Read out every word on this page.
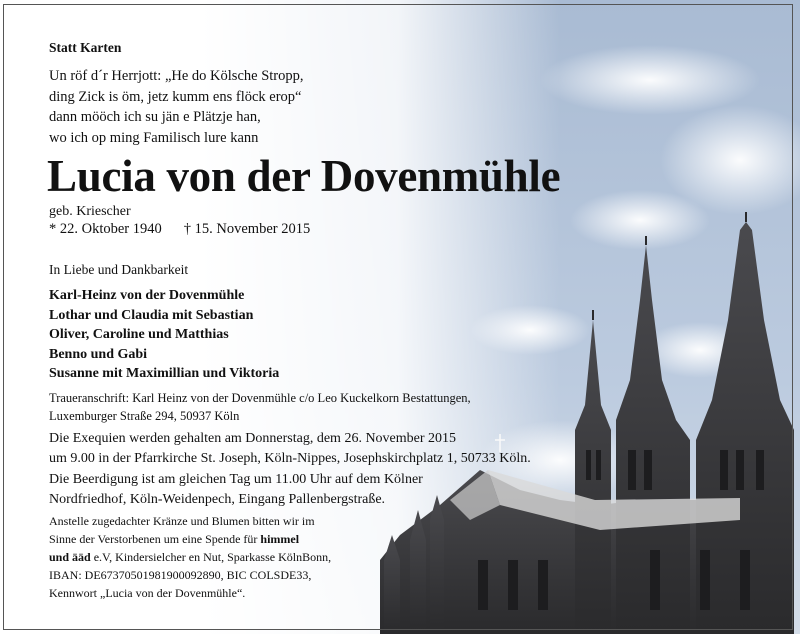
Statt Karten
Un röf d´r Herrjott: „He do Kölsche Stropp,
ding Zick is öm, jetz kumm ens flöck erop“
dann mööch ich su jän e Plätzje han,
wo ich op ming Familisch lure kann
Lucia von der Dovenmühle
geb. Kriescher
* 22. Oktober 1940 † 15. November 2015
In Liebe und Dankbarkeit
Karl-Heinz von der Dovenmühle
Lothar und Claudia mit Sebastian
Oliver, Caroline und Matthias
Benno und Gabi
Susanne mit Maximillian und Viktoria
Traueranschrift: Karl Heinz von der Dovenmühle c/o Leo Kuckelkorn Bestattungen,
Luxemburger Straße 294, 50937 Köln
Die Exequien werden gehalten am Donnerstag, dem 26. November 2015
um 9.00 in der Pfarrkirche St. Joseph, Köln-Nippes, Josephskirchplatz 1, 50733 Köln.
Die Beerdigung ist am gleichen Tag um 11.00 Uhr auf dem Kölner
Nordfriedhof, Köln-Weidenpech, Eingang Pallenbergstraße.
Anstelle zugedachter Kränze und Blumen bitten wir im
Sinne der Verstorbenen um eine Spende für himmel
und ääd e.V, Kindersielcher en Nut, Sparkasse KölnBonn,
IBAN: DE67370501981900092890, BIC COLSDE33,
Kennwort „Lucia von der Dovenmühle“.
